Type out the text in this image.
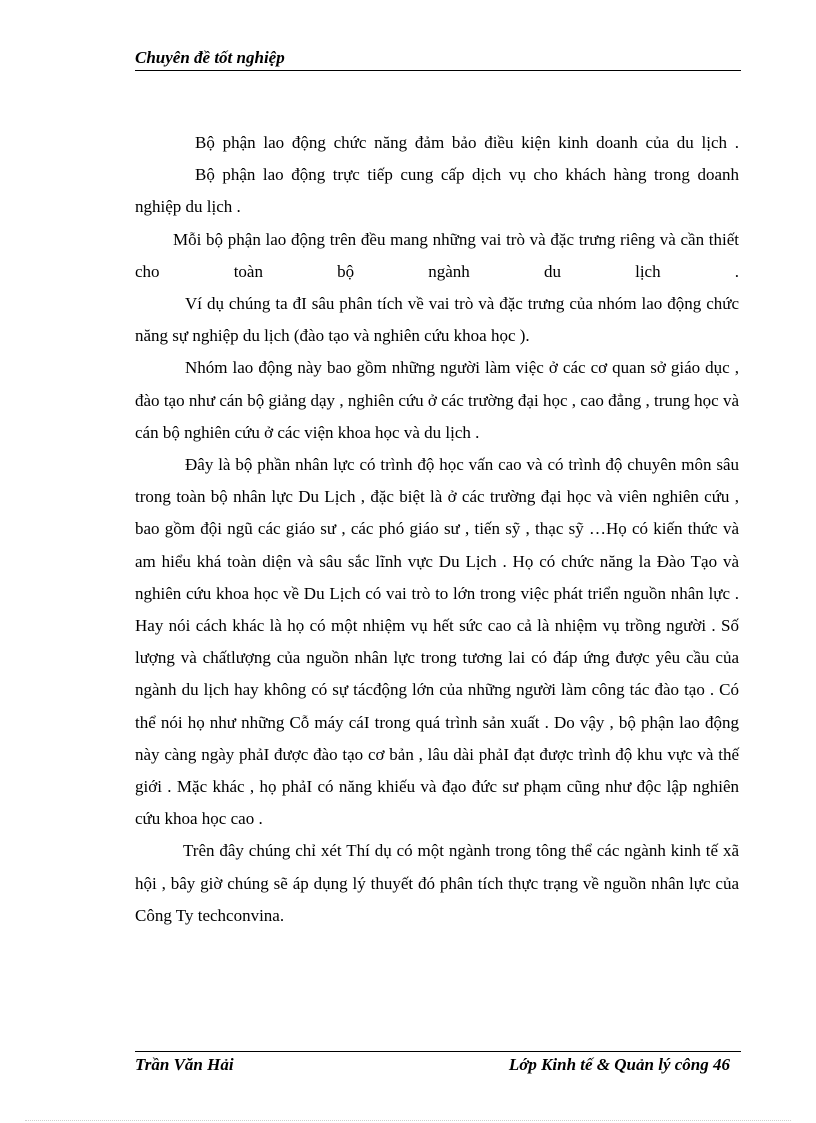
Chuyên đề tốt nghiệp

Bộ phận lao động chức năng đảm bảo điều kiện kinh doanh của du lịch .

Bộ phận lao động trực tiếp cung cấp dịch vụ cho khách hàng trong doanh nghiệp du lịch .

Mỗi bộ phận lao động trên đều mang những vai trò và đặc trưng riêng và cần thiết cho toàn bộ ngành du lịch .

Ví dụ chúng ta đI sâu phân tích về vai trò và đặc trưng của nhóm lao động chức năng sự nghiệp du lịch (đào tạo và nghiên cứu khoa học ).

Nhóm lao động này bao gồm những người làm việc ở các cơ quan sở giáo dục , đào tạo như cán bộ giảng dạy , nghiên cứu ở các trường đại học , cao đẳng , trung học và cán bộ nghiên cứu ở các viện khoa học và du lịch .

Đây là bộ phần nhân lực có trình độ học vấn cao và có trình độ chuyên môn sâu trong toàn bộ nhân lực Du Lịch , đặc biệt là ở các trường đại học và viên nghiên cứu , bao gồm đội ngũ các giáo sư , các phó giáo sư , tiến sỹ , thạc sỹ …Họ có kiến thức và am hiểu khá toàn diện và sâu sắc lĩnh vực Du Lịch . Họ có chức năng la Đào Tạo và nghiên cứu khoa học về Du Lịch có vai trò to lớn trong việc phát triển nguồn nhân lực . Hay nói cách khác là họ có một nhiệm vụ hết sức cao cả là nhiệm vụ trồng người . Số lượng và chấtlượng của nguồn nhân lực trong tương lai có đáp ứng được yêu cầu của ngành du lịch hay không có sự tácđộng lớn của những người làm công tác đào tạo . Có thể nói họ như những Cỗ máy cáI trong quá trình sản xuất . Do vậy , bộ phận lao động này càng ngày phảI được đào tạo cơ bản , lâu dài phảI đạt được trình độ khu vực và thế giới . Mặc khác , họ phảI có năng khiếu và đạo đức sư phạm cũng như độc lập nghiên cứu khoa học cao .

Trên đây chúng chỉ xét Thí dụ có một ngành trong tông thể các ngành kinh tế xã hội , bây giờ chúng sẽ áp dụng lý thuyết đó phân tích thực trạng về nguồn nhân lực của Công Ty techconvina.

Trần Văn Hải	Lớp Kinh tế & Quản lý công 46
